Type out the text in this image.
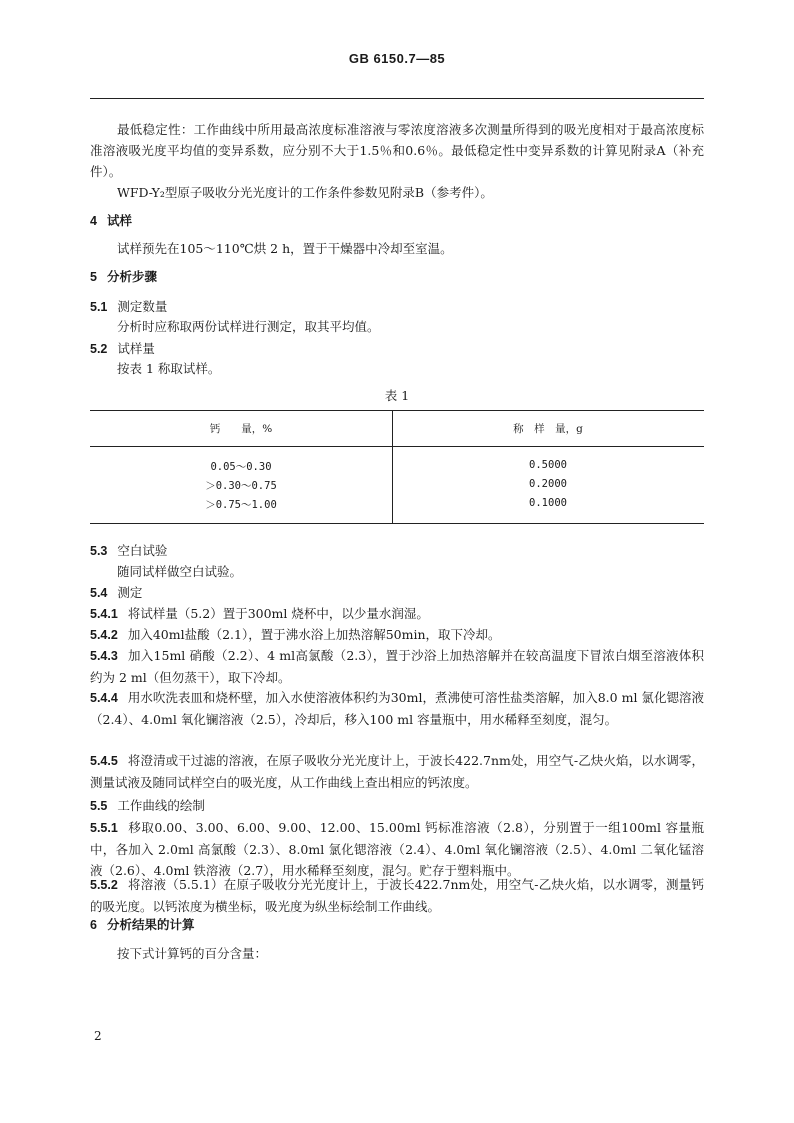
GB 6150.7—85
最低稳定性：工作曲线中所用最高浓度标准溶液与零浓度溶液多次测量所得到的吸光度相对于最高浓度标准溶液吸光度平均值的变异系数，应分别不大于1.5％和0.6％。最低稳定性中变异系数的计算见附录A（补充件）。
WFD-Y₂型原子吸收分光光度计的工作条件参数见附录B（参考件）。
4 试样
试样预先在105～110℃烘 2 h，置于干燥器中冷却至室温。
5 分析步骤
5.1 测定数量
分析时应称取两份试样进行测定，取其平均值。
5.2 试样量
按表 1 称取试样。
表 1
钙　　量，%	称　样　量，g
0.05～0.30	0.5000
＞0.30～0.75	0.2000
＞0.75～1.00	0.1000
5.3 空白试验
随同试样做空白试验。
5.4 测定
5.4.1 将试样量（5.2）置于300ml 烧杯中，以少量水润湿。
5.4.2 加入40ml盐酸（2.1），置于沸水浴上加热溶解50min，取下冷却。
5.4.3 加入15ml 硝酸（2.2）、4 ml高氯酸（2.3），置于沙浴上加热溶解并在较高温度下冒浓白烟至溶液体积约为 2 ml（但勿蒸干），取下冷却。
5.4.4 用水吹洗表皿和烧杯壁，加入水使溶液体积约为30ml，煮沸使可溶性盐类溶解，加入8.0 ml 氯化锶溶液（2.4）、4.0ml 氧化镧溶液（2.5），冷却后，移入100 ml 容量瓶中，用水稀释至刻度，混匀。
5.4.5 将澄清或干过滤的溶液，在原子吸收分光光度计上，于波长422.7nm处，用空气-乙炔火焰，以水调零，测量试液及随同试样空白的吸光度，从工作曲线上查出相应的钙浓度。
5.5 工作曲线的绘制
5.5.1 移取0.00、3.00、6.00、9.00、12.00、15.00ml 钙标准溶液（2.8），分别置于一组100ml 容量瓶中，各加入 2.0ml 高氯酸（2.3）、8.0ml 氯化锶溶液（2.4）、4.0ml 氧化镧溶液（2.5）、4.0ml 二氧化锰溶液（2.6）、4.0ml 铁溶液（2.7），用水稀释至刻度，混匀。贮存于塑料瓶中。
5.5.2 将溶液（5.5.1）在原子吸收分光光度计上，于波长422.7nm处，用空气-乙炔火焰，以水调零，测量钙的吸光度。以钙浓度为横坐标，吸光度为纵坐标绘制工作曲线。
6 分析结果的计算
按下式计算钙的百分含量：
2
